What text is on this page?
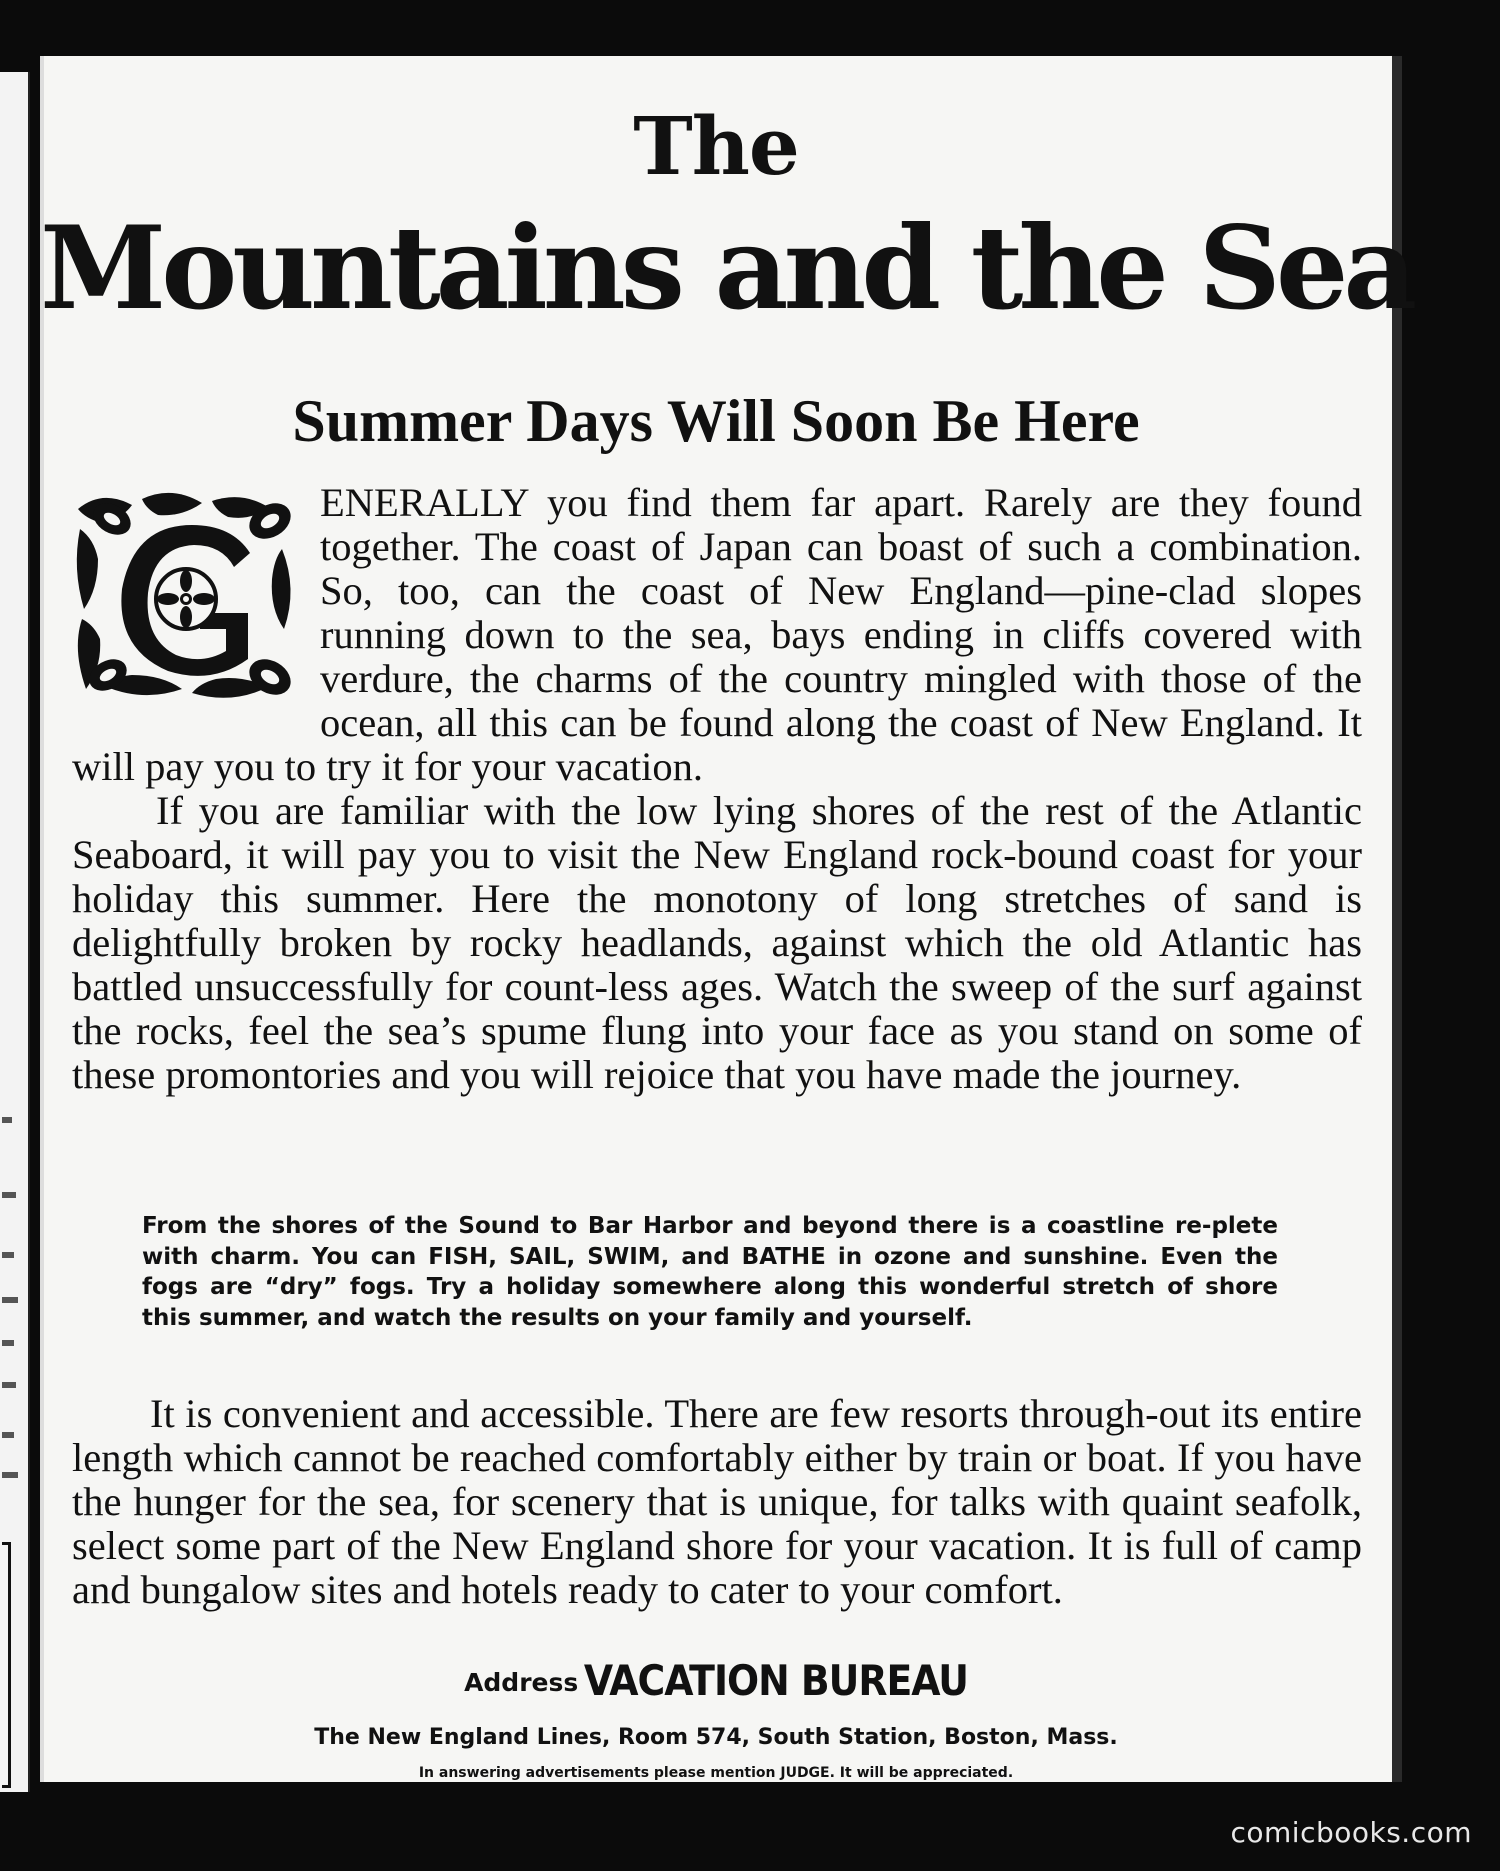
The
Mountains and the Sea
Summer Days Will Soon Be Here

ENERALLY you find them far apart. Rarely are they found together. The coast of Japan can boast of such a combination. So, too, can the coast of New England—pine-clad slopes running down to the sea, bays ending in cliffs covered with verdure, the charms of the country mingled with those of the ocean, all this can be found along the coast of New England. It will pay you to try it for your vacation.

If you are familiar with the low lying shores of the rest of the Atlantic Seaboard, it will pay you to visit the New England rock-bound coast for your holiday this summer. Here the monotony of long stretches of sand is delightfully broken by rocky headlands, against which the old Atlantic has battled unsuccessfully for count-less ages. Watch the sweep of the surf against the rocks, feel the sea’s spume flung into your face as you stand on some of these promontories and you will rejoice that you have made the journey.

From the shores of the Sound to Bar Harbor and beyond there is a coastline re-plete with charm. You can FISH, SAIL, SWIM, and BATHE in ozone and sunshine. Even the fogs are “dry” fogs. Try a holiday somewhere along this wonderful stretch of shore this summer, and watch the results on your family and yourself.

It is convenient and accessible. There are few resorts through-out its entire length which cannot be reached comfortably either by train or boat. If you have the hunger for the sea, for scenery that is unique, for talks with quaint seafolk, select some part of the New England shore for your vacation. It is full of camp and bungalow sites and hotels ready to cater to your comfort.

Address VACATION BUREAU
The New England Lines, Room 574, South Station, Boston, Mass.
In answering advertisements please mention JUDGE. It will be appreciated.
comicbooks.com
